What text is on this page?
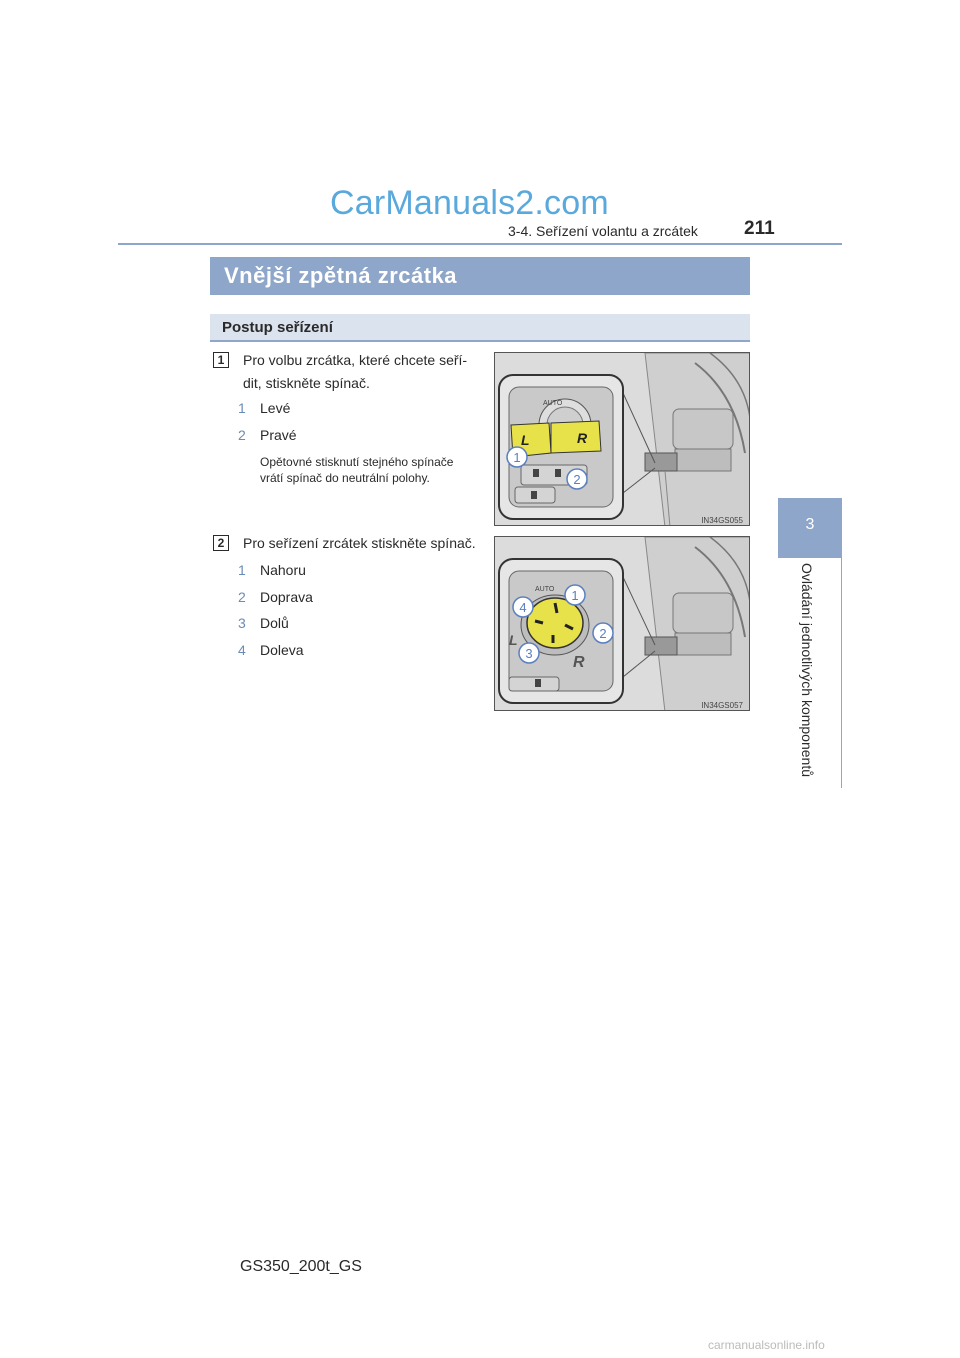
CarManuals2.com
3-4. Seřízení volantu a zrcátek 211
3
Ovládání jednotlivých komponentů
Vnější zpětná zrcátka
Postup seřízení
1	Pro volbu zrcátka, které chcete seří-
dit, stiskněte spínač.
1 Levé
2 Pravé
Opětovné stisknutí stejného spínače
vrátí spínač do neutrální polohy.
AUTO
L	R
1
2
IN34GS055
2	Pro seřízení zrcátek stiskněte spínač.
1 Nahoru
2 Doprava
3 Dolů
4 Doleva
AUTO
L
R
1
2
3
4
IN34GS057
GS350_200t_GS
carmanualsonline.info
